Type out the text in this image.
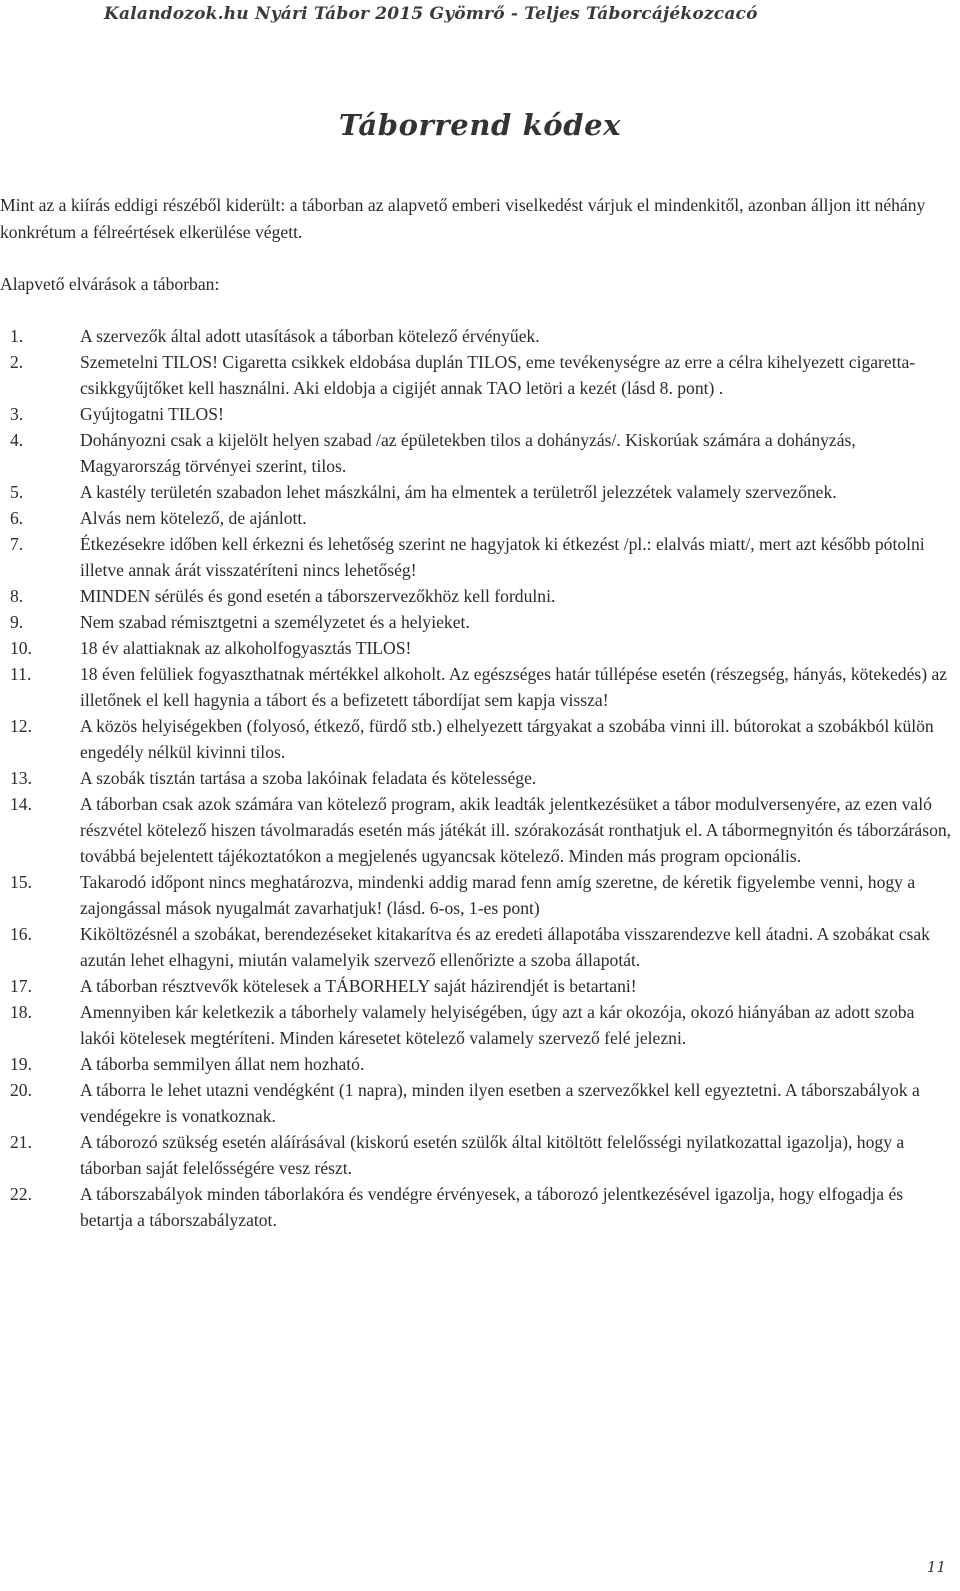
Kalandozok.hu Nyári Tábor 2015 Gyömrő - Teljes Táborcájékozcacó
Táborrend kódex

Mint az a kiírás eddigi részéből kiderült: a táborban az alapvető emberi viselkedést várjuk el mindenkitől, azonban álljon itt néhány konkrétum a félreértések elkerülése végett.

Alapvető elvárások a táborban:

1.	A szervezők által adott utasítások a táborban kötelező érvényűek.
2.	Szemetelni TILOS! Cigaretta csikkek eldobása duplán TILOS, eme tevékenységre az erre a célra kihelyezett cigaretta-csikkgyűjtőket kell használni. Aki eldobja a cigijét annak TAO letöri a kezét (lásd 8. pont) .
3.	Gyújtogatni TILOS!
4.	Dohányozni csak a kijelölt helyen szabad /az épületekben tilos a dohányzás/. Kiskorúak számára a dohányzás, Magyarország törvényei szerint, tilos.
5.	A kastély területén szabadon lehet mászkálni, ám ha elmentek a területről jelezzétek valamely szervezőnek.
6.	Alvás nem kötelező, de ajánlott.
7.	Étkezésekre időben kell érkezni és lehetőség szerint ne hagyjatok ki étkezést /pl.: elalvás miatt/, mert azt később pótolni illetve annak árát visszatéríteni nincs lehetőség!
8.	MINDEN sérülés és gond esetén a táborszervezőkhöz kell fordulni.
9.	Nem szabad rémisztgetni a személyzetet és a helyieket.
10.	18 év alattiaknak az alkoholfogyasztás TILOS!
11.	18 éven felüliek fogyaszthatnak mértékkel alkoholt. Az egészséges határ túllépése esetén (részegség, hányás, kötekedés) az illetőnek el kell hagynia a tábort és a befizetett tábordíjat sem kapja vissza!
12.	A közös helyiségekben (folyosó, étkező, fürdő stb.) elhelyezett tárgyakat a szobába vinni ill. bútorokat a szobákból külön engedély nélkül kivinni tilos.
13.	A szobák tisztán tartása a szoba lakóinak feladata és kötelessége.
14.	A táborban csak azok számára van kötelező program, akik leadták jelentkezésüket a tábor modulversenyére, az ezen való részvétel kötelező hiszen távolmaradás esetén más játékát ill. szórakozását ronthatjuk el. A tábormegnyitón és táborzáráson, továbbá bejelentett tájékoztatókon a megjelenés ugyancsak kötelező. Minden más program opcionális.
15.	Takarodó időpont nincs meghatározva, mindenki addig marad fenn amíg szeretne, de kéretik figyelembe venni, hogy a zajongással mások nyugalmát zavarhatjuk! (lásd. 6-os, 1-es pont)
16.	Kiköltözésnél a szobákat, berendezéseket kitakarítva és az eredeti állapotába visszarendezve kell átadni. A szobákat csak azután lehet elhagyni, miután valamelyik szervező ellenőrizte a szoba állapotát.
17.	A táborban résztvevők kötelesek a TÁBORHELY saját házirendjét is betartani!
18.	Amennyiben kár keletkezik a táborhely valamely helyiségében, úgy azt a kár okozója, okozó hiányában az adott szoba lakói kötelesek megtéríteni. Minden káresetet kötelező valamely szervező felé jelezni.
19.	A táborba semmilyen állat nem hozható.
20.	A táborra le lehet utazni vendégként (1 napra), minden ilyen esetben a szervezőkkel kell egyeztetni. A táborszabályok a vendégekre is vonatkoznak.
21.	A táborozó szükség esetén aláírásával (kiskorú esetén szülők által kitöltött felelősségi nyilatkozattal igazolja), hogy a táborban saját felelősségére vesz részt.
22.	A táborszabályok minden táborlakóra és vendégre érvényesek, a táborozó jelentkezésével igazolja, hogy elfogadja és betartja a táborszabályzatot.
11
